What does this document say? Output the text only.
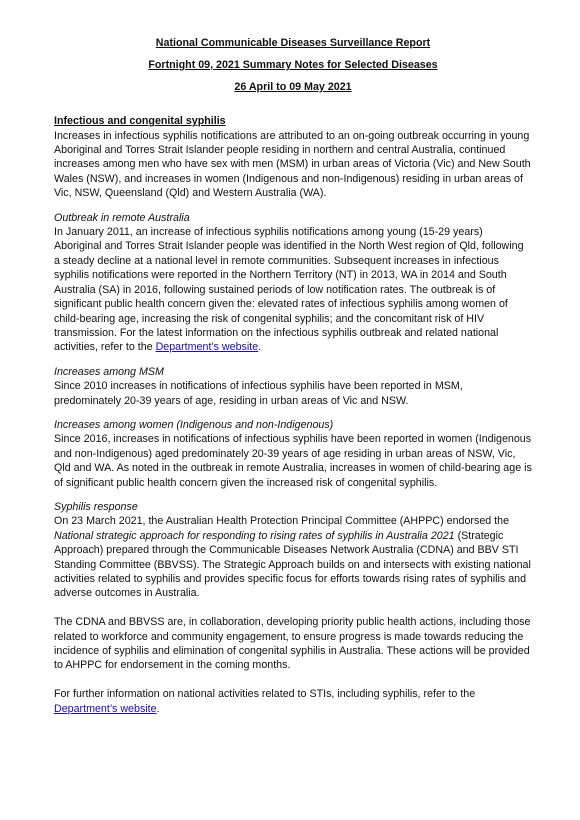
National Communicable Diseases Surveillance Report

Fortnight 09, 2021 Summary Notes for Selected Diseases

26 April to 09 May 2021

Infectious and congenital syphilis

Increases in infectious syphilis notifications are attributed to an on-going outbreak occurring in young Aboriginal and Torres Strait Islander people residing in northern and central Australia, continued increases among men who have sex with men (MSM) in urban areas of Victoria (Vic) and New South Wales (NSW), and increases in women (Indigenous and non-Indigenous) residing in urban areas of Vic, NSW, Queensland (Qld) and Western Australia (WA).

Outbreak in remote Australia

In January 2011, an increase of infectious syphilis notifications among young (15-29 years) Aboriginal and Torres Strait Islander people was identified in the North West region of Qld, following a steady decline at a national level in remote communities. Subsequent increases in infectious syphilis notifications were reported in the Northern Territory (NT) in 2013, WA in 2014 and South Australia (SA) in 2016, following sustained periods of low notification rates. The outbreak is of significant public health concern given the: elevated rates of infectious syphilis among women of child-bearing age, increasing the risk of congenital syphilis; and the concomitant risk of HIV transmission. For the latest information on the infectious syphilis outbreak and related national activities, refer to the Department’s website.

Increases among MSM

Since 2010 increases in notifications of infectious syphilis have been reported in MSM, predominately 20-39 years of age, residing in urban areas of Vic and NSW.

Increases among women (Indigenous and non-Indigenous)

Since 2016, increases in notifications of infectious syphilis have been reported in women (Indigenous and non-Indigenous) aged predominately 20-39 years of age residing in urban areas of NSW, Vic, Qld and WA. As noted in the outbreak in remote Australia, increases in women of child-bearing age is of significant public health concern given the increased risk of congenital syphilis.

Syphilis response

On 23 March 2021, the Australian Health Protection Principal Committee (AHPPC) endorsed the National strategic approach for responding to rising rates of syphilis in Australia 2021 (Strategic Approach) prepared through the Communicable Diseases Network Australia (CDNA) and BBV STI Standing Committee (BBVSS). The Strategic Approach builds on and intersects with existing national activities related to syphilis and provides specific focus for efforts towards rising rates of syphilis and adverse outcomes in Australia.

The CDNA and BBVSS are, in collaboration, developing priority public health actions, including those related to workforce and community engagement, to ensure progress is made towards reducing the incidence of syphilis and elimination of congenital syphilis in Australia. These actions will be provided to AHPPC for endorsement in the coming months.

For further information on national activities related to STIs, including syphilis, refer to the
Department’s website.
